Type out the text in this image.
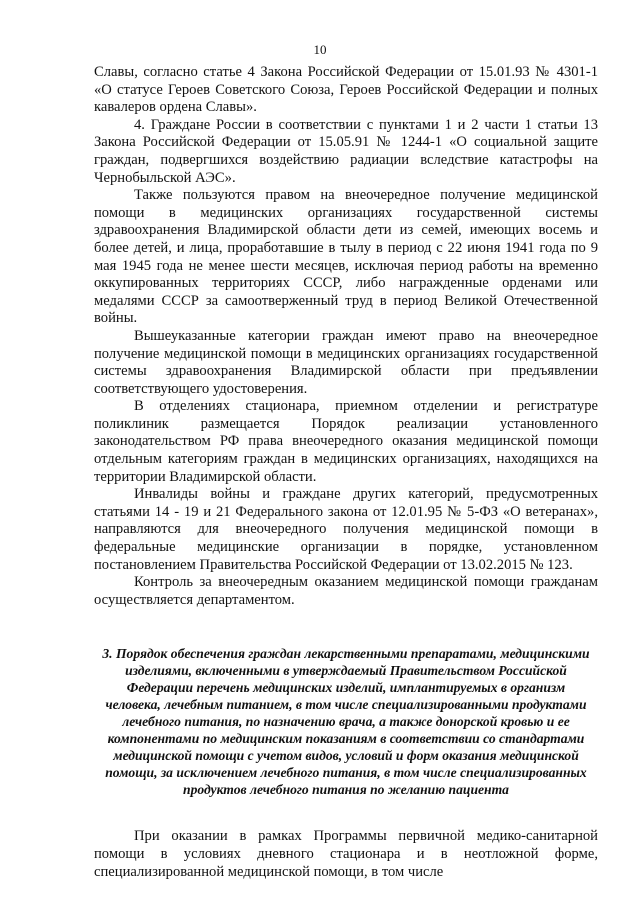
10

Славы, согласно статье 4 Закона Российской Федерации от 15.01.93 № 4301-1 «О статусе Героев Советского Союза, Героев Российской Федерации и полных кавалеров ордена Славы».

4. Граждане России в соответствии с пунктами 1 и 2 части 1 статьи 13 Закона Российской Федерации от 15.05.91 № 1244-1 «О социальной защите граждан, подвергшихся воздействию радиации вследствие катастрофы на Чернобыльской АЭС».

Также пользуются правом на внеочередное получение медицинской помощи в медицинских организациях государственной системы здравоохранения Владимирской области дети из семей, имеющих восемь и более детей, и лица, проработавшие в тылу в период с 22 июня 1941 года по 9 мая 1945 года не менее шести месяцев, исключая период работы на временно оккупированных территориях СССР, либо награжденные орденами или медалями СССР за самоотверженный труд в период Великой Отечественной войны.

Вышеуказанные категории граждан имеют право на внеочередное получение медицинской помощи в медицинских организациях государственной системы здравоохранения Владимирской области при предъявлении соответствующего удостоверения.

В отделениях стационара, приемном отделении и регистратуре поликлиник размещается Порядок реализации установленного законодательством РФ права внеочередного оказания медицинской помощи отдельным категориям граждан в медицинских организациях, находящихся на территории Владимирской области.

Инвалиды войны и граждане других категорий, предусмотренных статьями 14 - 19 и 21 Федерального закона от 12.01.95 № 5-ФЗ «О ветеранах», направляются для внеочередного получения медицинской помощи в федеральные медицинские организации в порядке, установленном постановлением Правительства Российской Федерации от 13.02.2015 № 123.

Контроль за внеочередным оказанием медицинской помощи гражданам осуществляется департаментом.

3. Порядок обеспечения граждан лекарственными препаратами, медицинскими изделиями, включенными в утверждаемый Правительством Российской Федерации перечень медицинских изделий, имплантируемых в организм человека, лечебным питанием, в том числе специализированными продуктами лечебного питания, по назначению врача, а также донорской кровью и ее компонентами по медицинским показаниям в соответствии со стандартами медицинской помощи с учетом видов, условий и форм оказания медицинской помощи, за исключением лечебного питания, в том числе специализированных продуктов лечебного питания по желанию пациента

При оказании в рамках Программы первичной медико-санитарной помощи в условиях дневного стационара и в неотложной форме, специализированной медицинской помощи, в том числе
